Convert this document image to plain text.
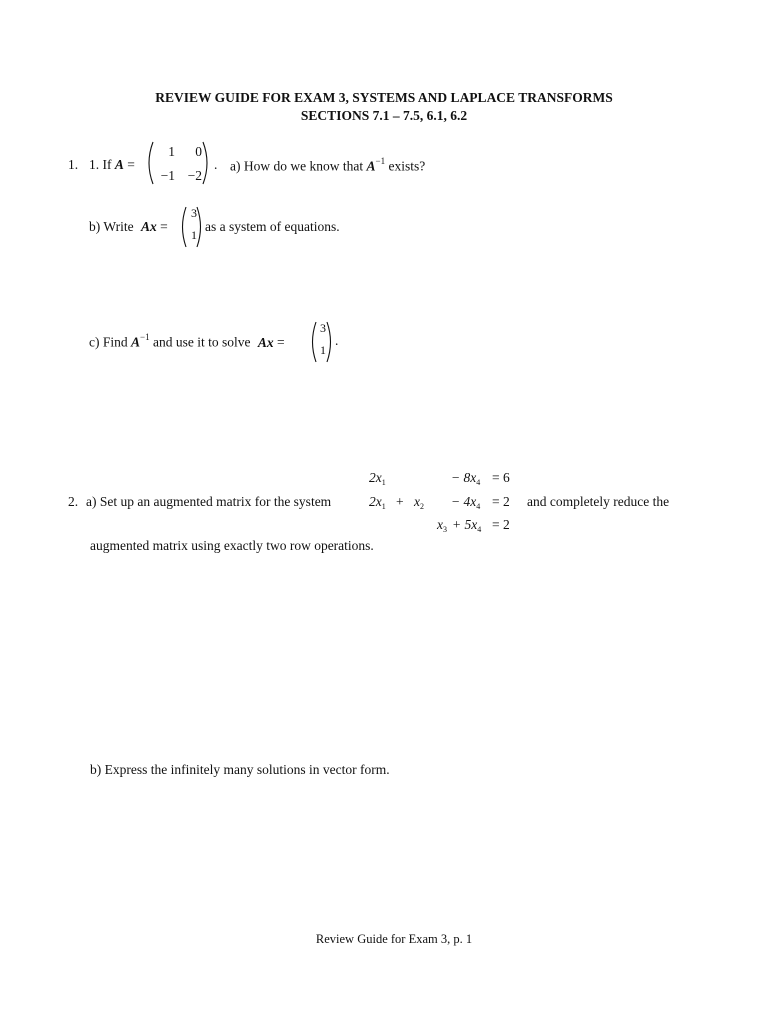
REVIEW GUIDE FOR EXAM 3, SYSTEMS AND LAPLACE TRANSFORMS
SECTIONS 7.1 – 7.5, 6.1, 6.2
1. 1. If A =
1	0
−1 −2
. a) How do we know that $A^{-1}$ exists?
b) Write Ax =
3
1
as a system of equations.
c) Find $A^{-1}$ and use it to solve Ax =
3
1
.
2. a) Set up an augmented matrix for the system
$2x_1$	− $8x_4 = 6$
$2x_1 + x_2 - 4x_4 = 2$
$x_3 + 5x_4 = 2$
and completely reduce the
augmented matrix using exactly two row operations.
b) Express the infinitely many solutions in vector form.
Review Guide for Exam 3, p. 1
